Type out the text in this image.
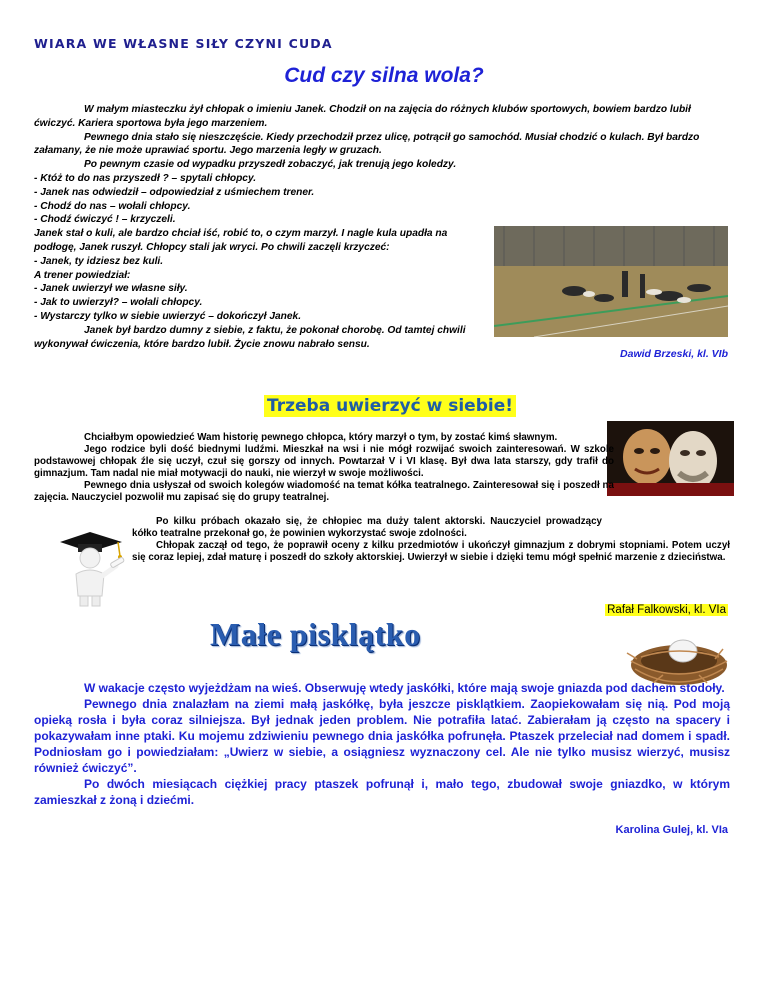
WIARA WE WŁASNE SIŁY CZYNI CUDA
Cud czy silna wola?

W małym miasteczku żył chłopak o imieniu Janek. Chodził on na zajęcia do różnych klubów sportowych, bowiem bardzo lubił ćwiczyć. Kariera sportowa była jego marzeniem.

Pewnego dnia stało się nieszczęście. Kiedy przechodził przez ulicę, potrącił go samochód. Musiał chodzić o kulach. Był bardzo załamany, że nie może uprawiać sportu. Jego marzenia legły w gruzach.

Po pewnym czasie od wypadku przyszedł zobaczyć, jak trenują jego koledzy.

- Któż to do nas przyszedł ? – spytali chłopcy.

- Janek nas odwiedził – odpowiedział z uśmiechem trener.

- Chodź do nas – wołali chłopcy.

- Chodź ćwiczyć ! – krzyczeli.

Janek stał o kuli, ale bardzo chciał iść, robić to, o czym marzył. I nagle kula upadła na podłogę, Janek ruszył. Chłopcy stali jak wryci. Po chwili zaczęli krzyczeć:

- Janek, ty idziesz bez kuli.

A trener powiedział:

- Janek uwierzył we własne siły.

- Jak to uwierzył? – wołali chłopcy.

- Wystarczy tylko w siebie uwierzyć – dokończył Janek.

Janek był bardzo dumny z siebie, z faktu, że pokonał chorobę. Od tamtej chwili wykonywał ćwiczenia, które bardzo lubił. Życie znowu nabrało sensu.

Dawid Brzeski, kl. VIb
Trzeba uwierzyć w siebie!

Chciałbym opowiedzieć Wam historię pewnego chłopca, który marzył o tym, by zostać kimś sławnym.

Jego rodzice byli dość biednymi ludźmi. Mieszkał na wsi i nie mógł rozwijać swoich zainteresowań. W szkole podstawowej chłopak źle się uczył, czuł się gorszy od innych. Powtarzał V i VI klasę. Był dwa lata starszy, gdy trafił do gimnazjum. Tam nadal nie miał motywacji do nauki, nie wierzył w swoje możliwości.

Pewnego dnia usłyszał od swoich kolegów wiadomość na temat kółka teatralnego. Zainteresował się i poszedł na zajęcia. Nauczyciel pozwolił mu zapisać się do grupy teatralnej.

Po kilku próbach okazało się, że chłopiec ma duży talent aktorski. Nauczyciel prowadzący kółko teatralne przekonał go, że powinien wykorzystać swoje zdolności.

Chłopak zaczął od tego, że poprawił oceny z kilku przedmiotów i ukończył gimnazjum z dobrymi stopniami. Potem uczył się coraz lepiej, zdał maturę i poszedł do szkoły aktorskiej. Uwierzył w siebie i dzięki temu mógł spełnić marzenie z dzieciństwa.

Rafał Falkowski, kl. VIa
Małe pisklątko

W wakacje często wyjeżdżam na wieś. Obserwuję wtedy jaskółki, które mają swoje gniazda pod dachem stodoły.

Pewnego dnia znalazłam na ziemi małą jaskółkę, była jeszcze pisklątkiem. Zaopiekowałam się nią. Pod moją opieką rosła i była coraz silniejsza. Był jednak jeden problem. Nie potrafiła latać. Zabierałam ją często na spacery i pokazywałam inne ptaki. Ku mojemu zdziwieniu pewnego dnia jaskółka pofrunęła. Ptaszek przeleciał nad domem i spadł. Podniosłam go i powiedziałam: „Uwierz w siebie, a osiągniesz wyznaczony cel. Ale nie tylko musisz wierzyć, musisz również ćwiczyć”.

Po dwóch miesiącach ciężkiej pracy ptaszek pofrunął i, mało tego, zbudował swoje gniazdko, w którym zamieszkał z żoną i dziećmi.

Karolina Gulej, kl. VIa
